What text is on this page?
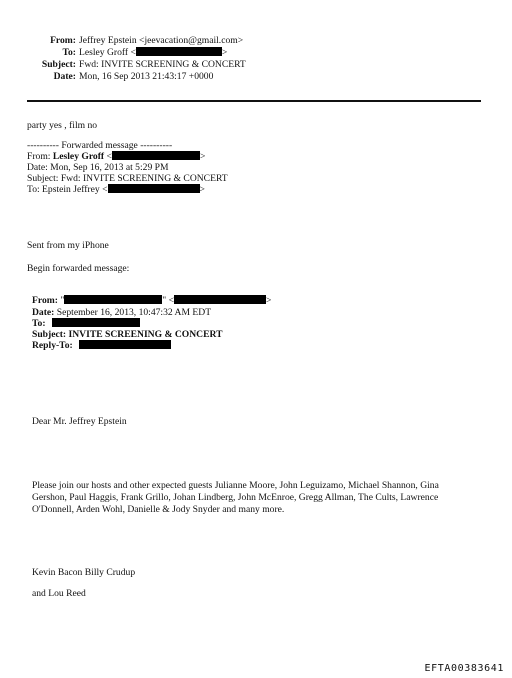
From: Jeffrey Epstein <jeevacation@gmail.com>
To: Lesley Groff <	>
Subject: Fwd: INVITE SCREENING & CONCERT
Date: Mon, 16 Sep 2013 21:43:17 +0000
party yes , film no
---------- Forwarded message ----------
From: Lesley Groff <	>
Date: Mon, Sep 16, 2013 at 5:29 PM
Subject: Fwd: INVITE SCREENING & CONCERT
To: Epstein Jeffrey <	>
Sent from my iPhone
Begin forwarded message:
From: "	" <	>
Date: September 16, 2013, 10:47:32 AM EDT
To:
Subject: INVITE SCREENING & CONCERT
Reply-To:
Dear Mr. Jeffrey Epstein
Please join our hosts and other expected guests Julianne Moore, John Leguizamo, Michael Shannon, Gina Gershon, Paul Haggis, Frank Grillo, Johan Lindberg, John McEnroe, Gregg Allman, The Cults, Lawrence O'Donnell, Arden Wohl, Danielle & Jody Snyder and many more.
Kevin Bacon Billy Crudup
and Lou Reed
EFTA00383641
